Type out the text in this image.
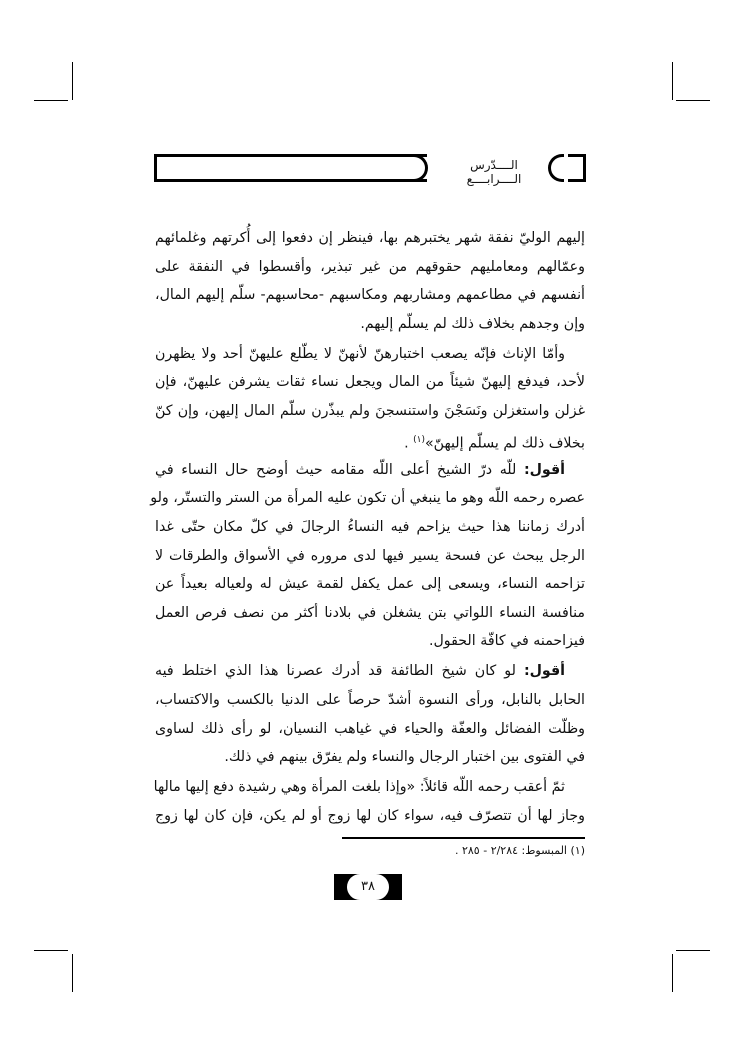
الــــدّرس الــــرابــــع
إليهم الوليّ نفقة شهر يختبرهم بها، فينظر إن دفعوا إلى أُكرتهم وغلمائهم
وعمّالهم ومعامليهم حقوقهم من غير تبذير، وأقسطوا في النفقة على
أنفسهم في مطاعمهم ومشاربهم ومكاسبهم -محاسبهم- سلّم إليهم المال،
وإن وجدهم بخلاف ذلك لم يسلّم إليهم.
وأمّا الإناث فإنّه يصعب اختبارهنّ لأنهنّ لا يطّلع عليهنّ أحد ولا يظهرن
لأحد، فيدفع إليهنّ شيئاً من المال ويجعل نساء ثقات يشرفن عليهنّ، فإن
غزلن واستغزلن ونَسَجْنَ واستنسجنَ ولم يبذّرن سلّم المال إليهن، وإن كنّ
بخلاف ذلك لم يسلّم إليهنّ»$^{(١)}$ .
أقول: للّه درّ الشيخ أعلى اللّه مقامه حيث أوضح حال النساء في
عصره رحمه اللّه وهو ما ينبغي أن تكون عليه المرأة من الستر والتستّر، ولو
أدرك زماننا هذا حيث يزاحم فيه النساءُ الرجالَ في كلّ مكان حتّى غدا
الرجل يبحث عن فسحة يسير فيها لدى مروره في الأسواق والطرقات لا
تزاحمه النساء، ويسعى إلى عمل يكفل لقمة عيش له ولعياله بعيداً عن
منافسة النساء اللواتي بتن يشغلن في بلادنا أكثر من نصف فرص العمل
فيزاحمنه في كافّة الحقول.
أقول: لو كان شيخ الطائفة قد أدرك عصرنا هذا الذي اختلط فيه
الحابل بالنابل، ورأى النسوة أشدّ حرصاً على الدنيا بالكسب والاكتساب،
وظلّت الفضائل والعفّة والحياء في غياهب النسيان، لو رأى ذلك لساوى
في الفتوى بين اختبار الرجال والنساء ولم يفرّق بينهم في ذلك.
ثمّ أعقب رحمه اللّه قائلاً: «وإذا بلغت المرأة وهي رشيدة دفع إليها مالها
وجاز لها أن تتصرّف فيه، سواء كان لها زوج أو لم يكن، فإن كان لها زوج
(١) المبسوط: ٢/٢٨٤ - ٢٨٥ .
٣٨
